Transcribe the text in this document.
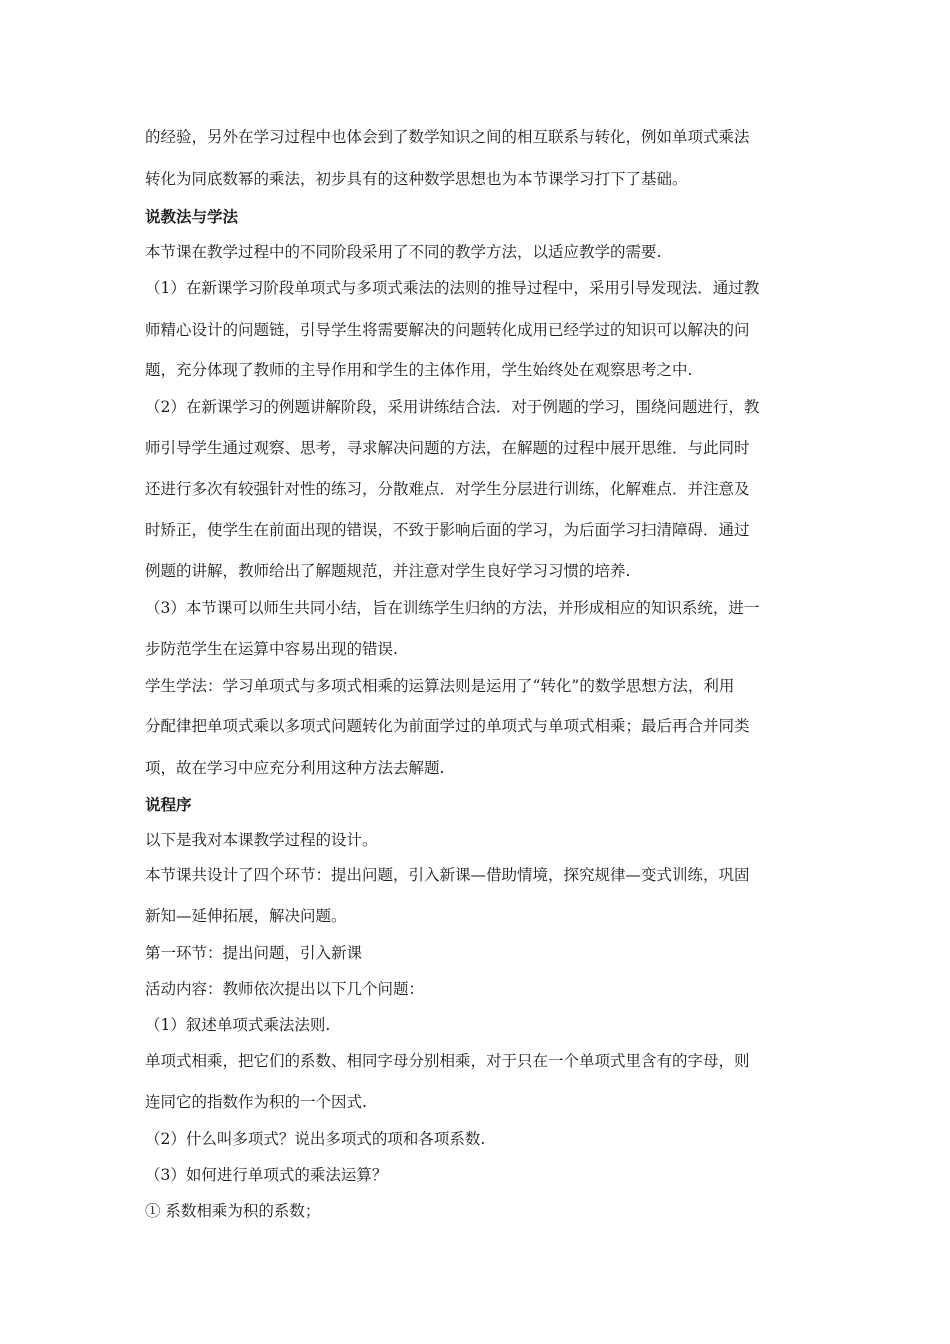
的经验，另外在学习过程中也体会到了数学知识之间的相互联系与转化，例如单项式乘法
转化为同底数幂的乘法，初步具有的这种数学思想也为本节课学习打下了基础。
说教法与学法
本节课在教学过程中的不同阶段采用了不同的教学方法，以适应教学的需要.
（1）在新课学习阶段单项式与多项式乘法的法则的推导过程中，采用引导发现法．通过教
师精心设计的问题链，引导学生将需要解决的问题转化成用已经学过的知识可以解决的问
题，充分体现了教师的主导作用和学生的主体作用，学生始终处在观察思考之中.
（2）在新课学习的例题讲解阶段，采用讲练结合法．对于例题的学习，围绕问题进行，教
师引导学生通过观察、思考，寻求解决问题的方法，在解题的过程中展开思维．与此同时
还进行多次有较强针对性的练习，分散难点．对学生分层进行训练，化解难点．并注意及
时矫正，使学生在前面出现的错误，不致于影响后面的学习，为后面学习扫清障碍．通过
例题的讲解，教师给出了解题规范，并注意对学生良好学习习惯的培养.
（3）本节课可以师生共同小结，旨在训练学生归纳的方法，并形成相应的知识系统，进一
步防范学生在运算中容易出现的错误.
学生学法：学习单项式与多项式相乘的运算法则是运用了“转化”的数学思想方法，利用
分配律把单项式乘以多项式问题转化为前面学过的单项式与单项式相乘；最后再合并同类
项，故在学习中应充分利用这种方法去解题.
说程序
以下是我对本课教学过程的设计。
本节课共设计了四个环节：提出问题，引入新课—借助情境，探究规律—变式训练，巩固
新知—延伸拓展，解决问题。
第一环节：提出问题，引入新课
活动内容：教师依次提出以下几个问题：
（1）叙述单项式乘法法则.
单项式相乘，把它们的系数、相同字母分别相乘，对于只在一个单项式里含有的字母，则
连同它的指数作为积的一个因式.
（2）什么叫多项式？说出多项式的项和各项系数.
（3）如何进行单项式的乘法运算？
① 系数相乘为积的系数；
